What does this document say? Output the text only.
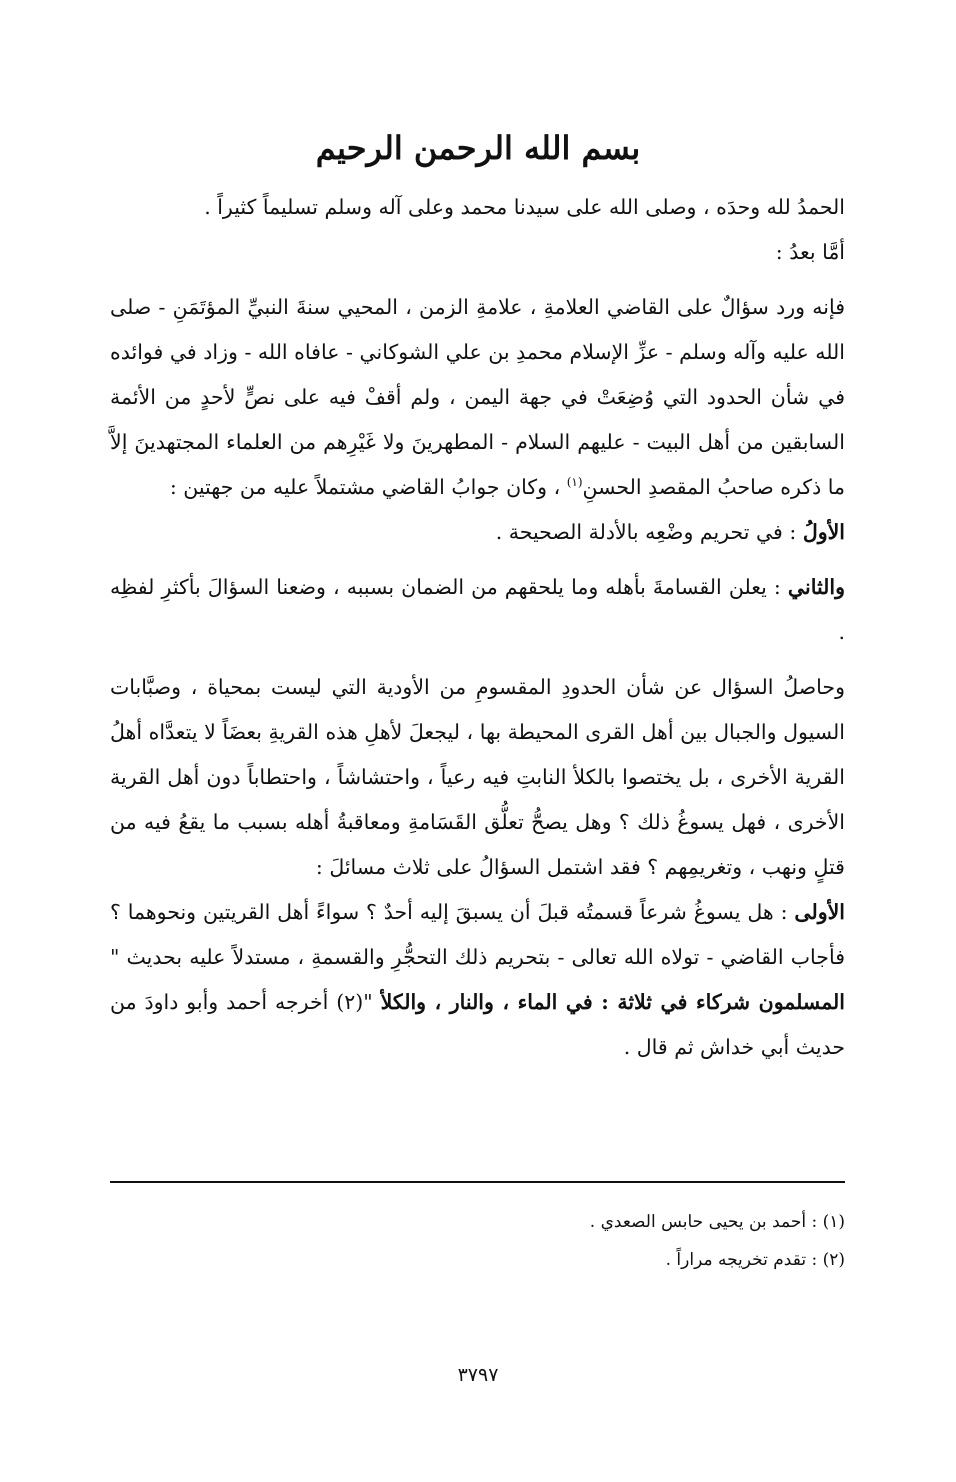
بسم الله الرحمن الرحيم

الحمدُ لله وحدَه ، وصلى الله على سيدنا محمد وعلى آله وسلم تسليماً كثيراً .

أمَّا بعدُ :

فإنه ورد سؤالٌ على القاضي العلامةِ ، علامةِ الزمن ، المحيي سنةَ النبيِّ المؤتَمَنِ - صلى الله عليه وآله وسلم - عزِّ الإسلام محمدِ بن علي الشوكاني - عافاه الله - وزاد في فوائده في شأن الحدود التي وُضِعَتْ في جهة اليمن ، ولم أقفْ فيه على نصٍّ لأحدٍ من الأئمة السابقين من أهل البيت - عليهم السلام - المطهرينَ ولا غَيْرِهم من العلماء المجتهدينَ إلاَّ ما ذكره صاحبُ المقصدِ الحسنِ$^{(١)}$ ، وكان جوابُ القاضي مشتملاً عليه من جهتين :

الأولُ : في تحريم وضْعِه بالأدلة الصحيحة .

والثاني : يعلن القسامةَ بأهله وما يلحقهم من الضمان بسببه ، وضعنا السؤالَ بأكثرِ لفظِه .

وحاصلُ السؤال عن شأن الحدودِ المقسومِ من الأودية التي ليست بمحياة ، وصبَّابات السيول والجبال بين أهل القرى المحيطة بها ، ليجعلَ لأهلِ هذه القريةِ بعضَاً لا يتعدَّاه أهلُ القرية الأخرى ، بل يختصوا بالكلأ النابتِ فيه رعياً ، واحتشاشاً ، واحتطاباً دون أهل القرية الأخرى ، فهل يسوغُ ذلك ؟ وهل يصحُّ تعلُّق القَسَامةِ ومعاقبةُ أهله بسبب ما يقعُ فيه من قتلٍ ونهب ، وتغريمِهم ؟ فقد اشتمل السؤالُ على ثلاث مسائلَ :

الأولى : هل يسوغُ شرعاً قسمتُه قبلَ أن يسبقَ إليه أحدٌ ؟ سواءً أهل القريتين ونحوهما ؟ فأجاب القاضي - تولاه الله تعالى - بتحريم ذلك التحجُّرِ والقسمةِ ، مستدلاً عليه بحديث " المسلمون شركاء في ثلاثة : في الماء ، والنار ، والكلأ "(٢) أخرجه أحمد وأبو داودَ من حديث أبي خداش ثم قال .

(١) : أحمد بن يحيى حابس الصعدي .

(٢) : تقدم تخريجه مراراً .

٣٧٩٧
